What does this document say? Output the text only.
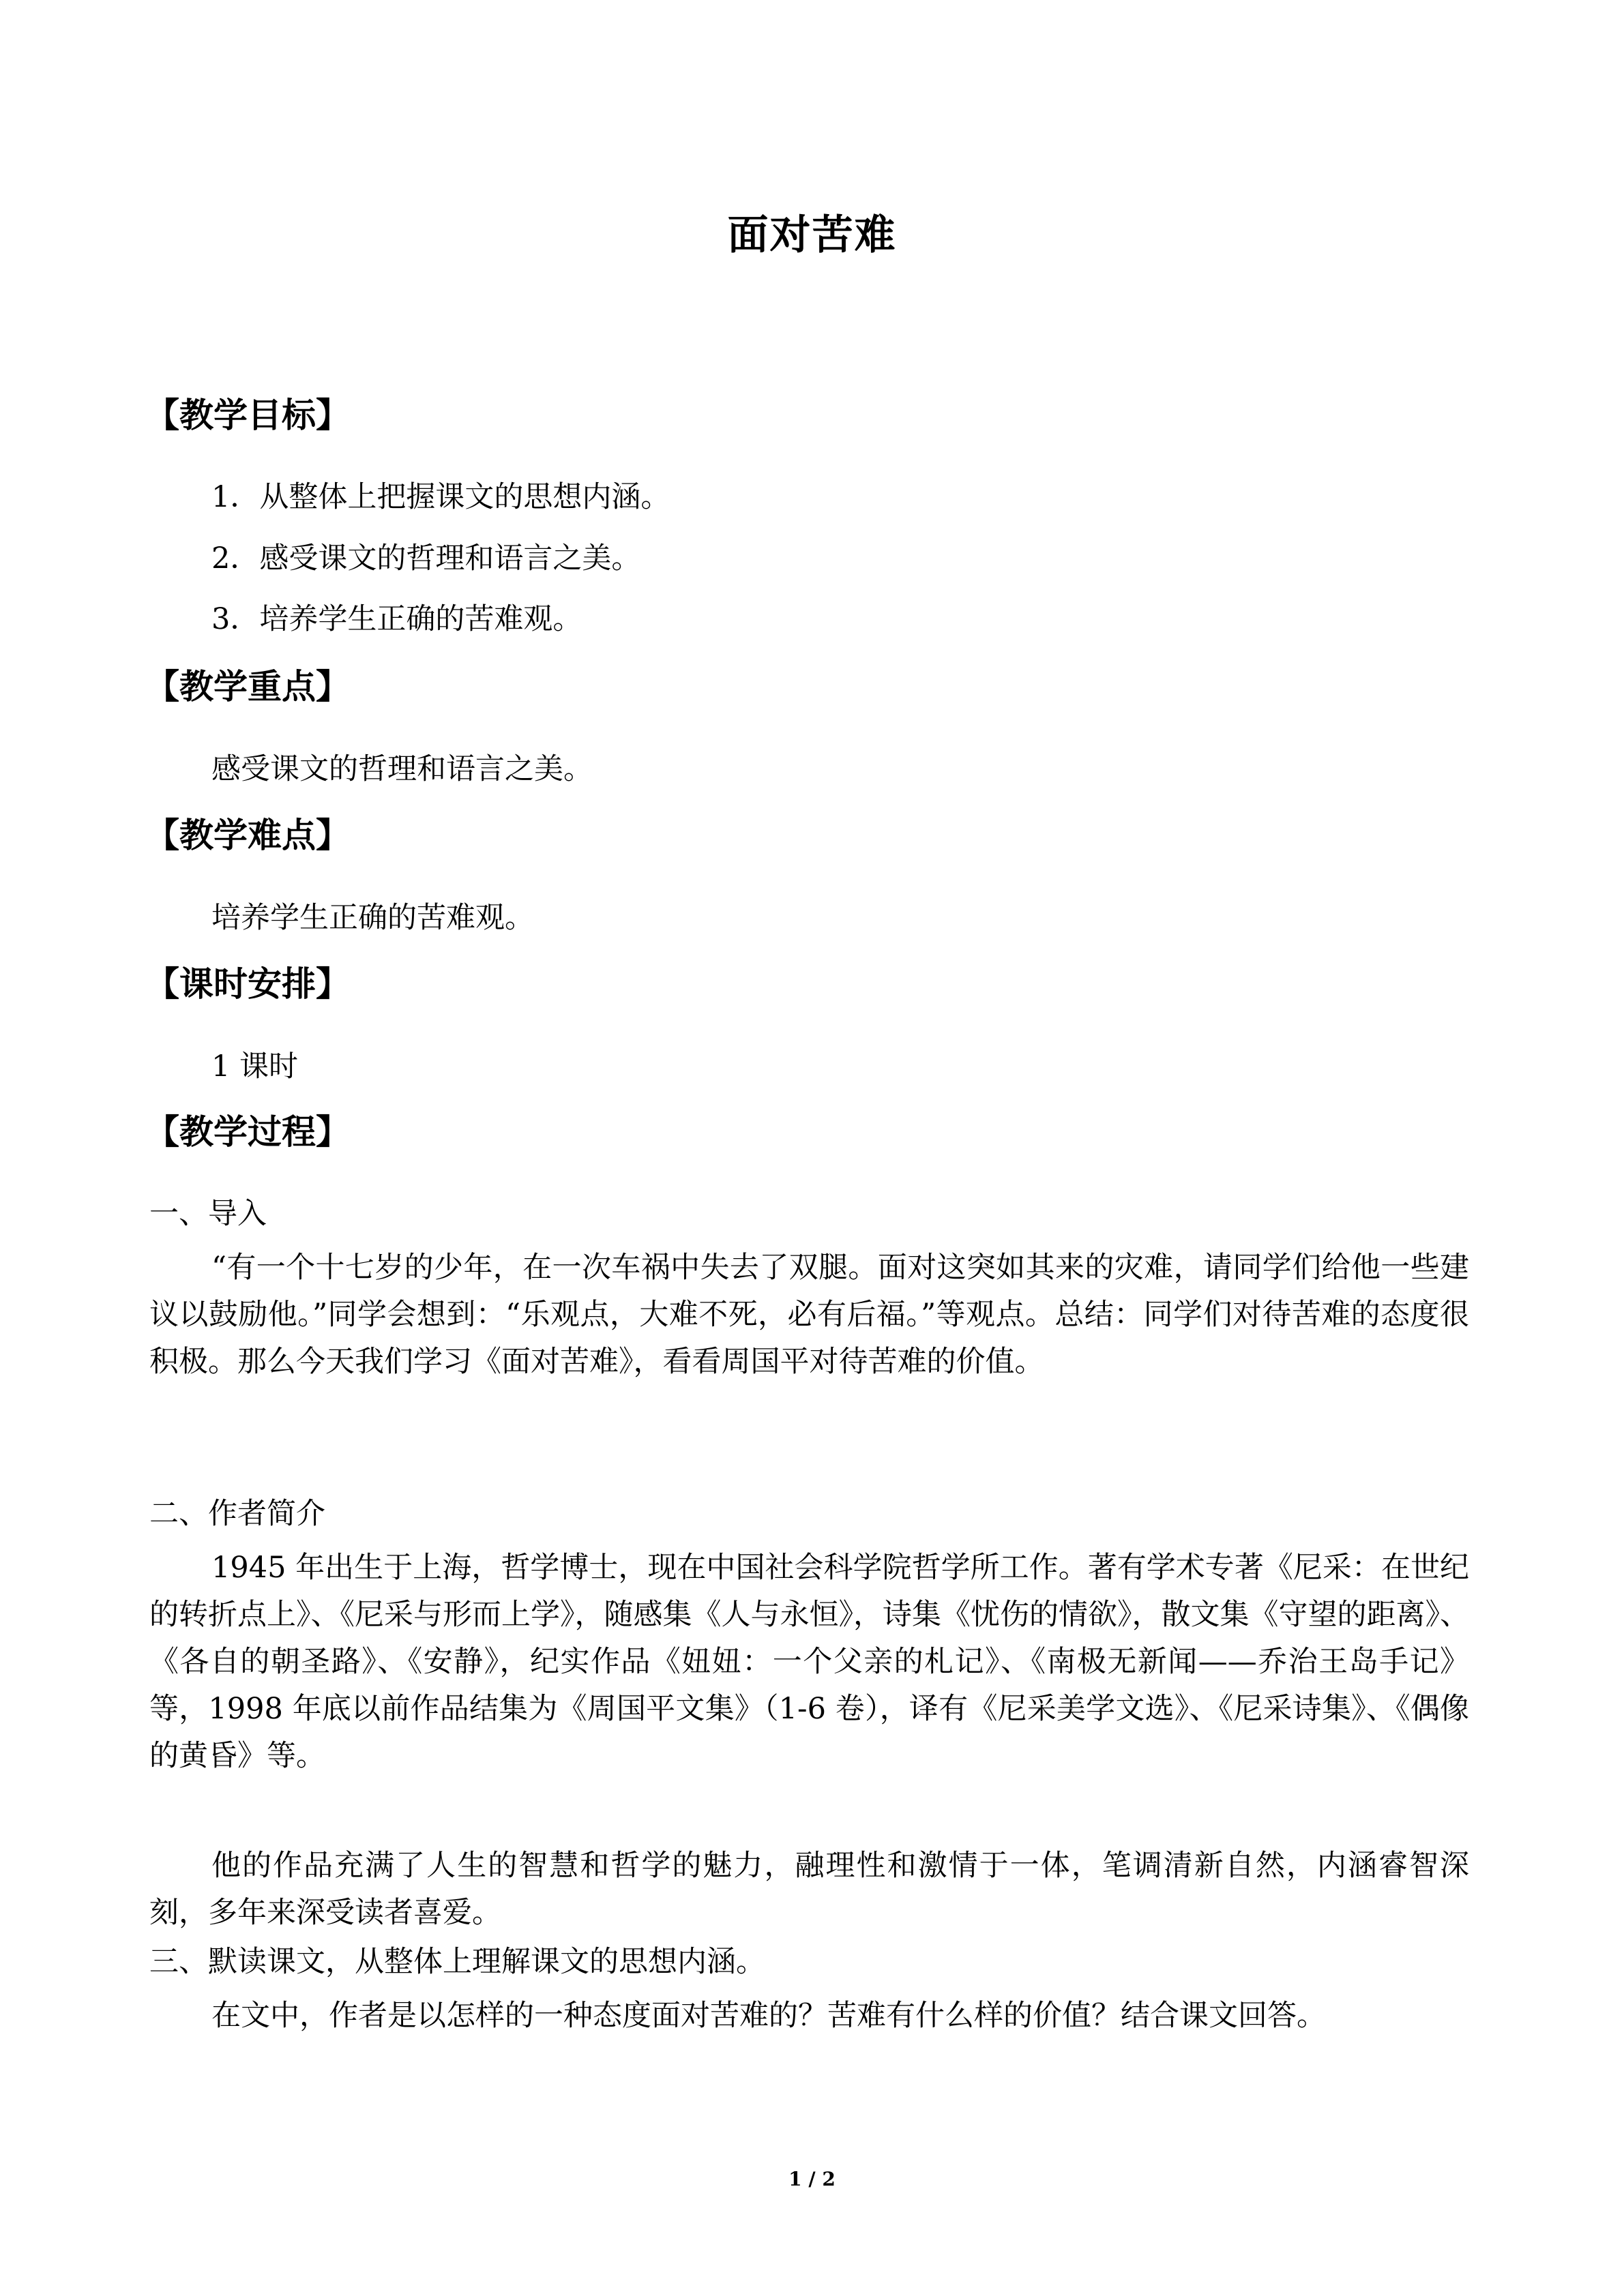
面对苦难
【教学目标】
1．从整体上把握课文的思想内涵。
2．感受课文的哲理和语言之美。
3．培养学生正确的苦难观。
【教学重点】
感受课文的哲理和语言之美。
【教学难点】
培养学生正确的苦难观。
【课时安排】
1 课时
【教学过程】
一、导入
“有一个十七岁的少年，在一次车祸中失去了双腿。面对这突如其来的灾难，请同学们给他一些建议以鼓励他。”同学会想到：“乐观点，大难不死，必有后福。”等观点。总结：同学们对待苦难的态度很积极。那么今天我们学习《面对苦难》，看看周国平对待苦难的价值。
二、作者简介
1945 年出生于上海，哲学博士，现在中国社会科学院哲学所工作。著有学术专著《尼采：在世纪的转折点上》、《尼采与形而上学》，随感集《人与永恒》，诗集《忧伤的情欲》，散文集《守望的距离》、《各自的朝圣路》、《安静》，纪实作品《妞妞：一个父亲的札记》、《南极无新闻——乔治王岛手记》等，1998 年底以前作品结集为《周国平文集》（1-6 卷），译有《尼采美学文选》、《尼采诗集》、《偶像的黄昏》等。
他的作品充满了人生的智慧和哲学的魅力，融理性和激情于一体，笔调清新自然，内涵睿智深刻，多年来深受读者喜爱。
三、默读课文，从整体上理解课文的思想内涵。
在文中，作者是以怎样的一种态度面对苦难的？苦难有什么样的价值？结合课文回答。
1 / 2
